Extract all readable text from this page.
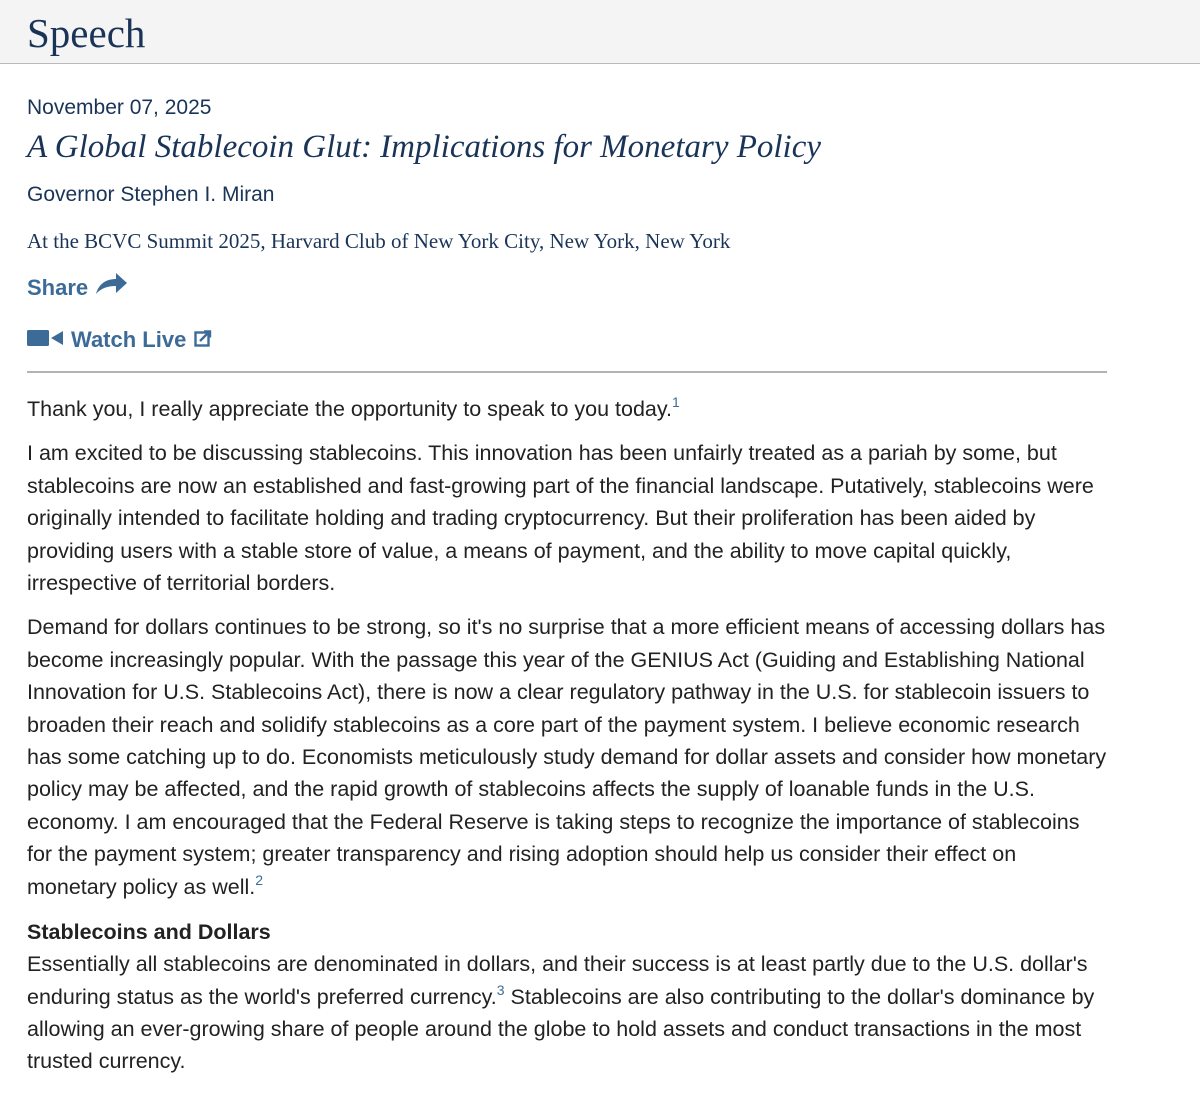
Speech
November 07, 2025
A Global Stablecoin Glut: Implications for Monetary Policy
Governor Stephen I. Miran
At the BCVC Summit 2025, Harvard Club of New York City, New York, New York
Share
Watch Live

Thank you, I really appreciate the opportunity to speak to you today.$^1$

I am excited to be discussing stablecoins. This innovation has been unfairly treated as a pariah by some, but stablecoins are now an established and fast-growing part of the financial landscape. Putatively, stablecoins were originally intended to facilitate holding and trading cryptocurrency. But their proliferation has been aided by providing users with a stable store of value, a means of payment, and the ability to move capital quickly, irrespective of territorial borders.

Demand for dollars continues to be strong, so it's no surprise that a more efficient means of accessing dollars has become increasingly popular. With the passage this year of the GENIUS Act (Guiding and Establishing National Innovation for U.S. Stablecoins Act), there is now a clear regulatory pathway in the U.S. for stablecoin issuers to broaden their reach and solidify stablecoins as a core part of the payment system. I believe economic research has some catching up to do. Economists meticulously study demand for dollar assets and consider how monetary policy may be affected, and the rapid growth of stablecoins affects the supply of loanable funds in the U.S. economy. I am encouraged that the Federal Reserve is taking steps to recognize the importance of stablecoins for the payment system; greater transparency and rising adoption should help us consider their effect on monetary policy as well.$^2$

Stablecoins and Dollars

Essentially all stablecoins are denominated in dollars, and their success is at least partly due to the U.S. dollar's enduring status as the world's preferred currency.$^3$ Stablecoins are also contributing to the dollar's dominance by allowing an ever-growing share of people around the globe to hold assets and conduct transactions in the most trusted currency.
